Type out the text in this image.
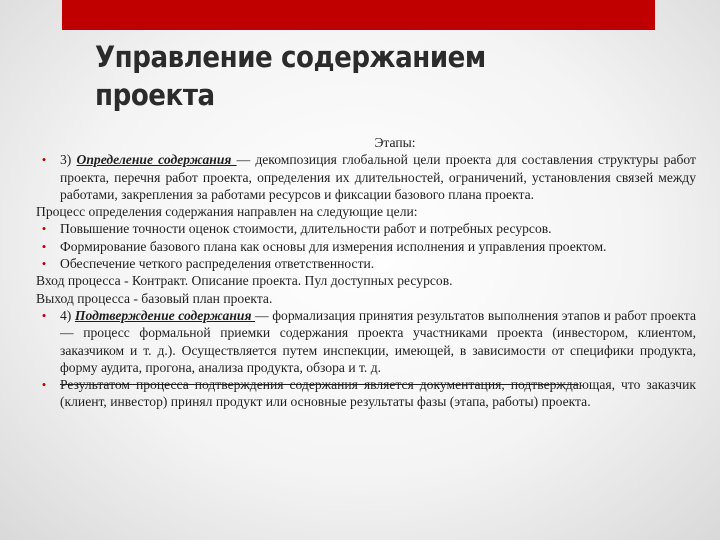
Управление содержанием
проекта
Этапы:
•	3) Определение содержания — декомпозиция глобальной цели проекта для составления структуры работ проекта, перечня работ проекта, определения их длительностей, ограничений, установления связей между работами, закрепления за работами ресурсов и фиксации базового плана проекта.
Процесс определения содержания направлен на следующие цели:
•	Повышение точности оценок стоимости, длительности работ и потребных ресурсов.
•	Формирование базового плана как основы для измерения исполнения и управления проектом.
•	Обеспечение четкого распределения ответственности.
Вход процесса - Контракт. Описание проекта. Пул доступных ресурсов.
Выход процесса - базовый план проекта.
•	4) Подтверждение содержания — формализация принятия результатов выполнения этапов и работ проекта — процесс формальной приемки содержания проекта участниками проекта (инвестором, клиентом, заказчиком и т. д.). Осуществляется путем инспекции, имеющей, в зависимости от специфики продукта, форму аудита, прогона, анализа продукта, обзора и т. д.
•	Результатом процесса подтверждения содержания является документация, подтверждающая, что заказчик (клиент, инвестор) принял продукт или основные результаты фазы (этапа, работы) проекта.
